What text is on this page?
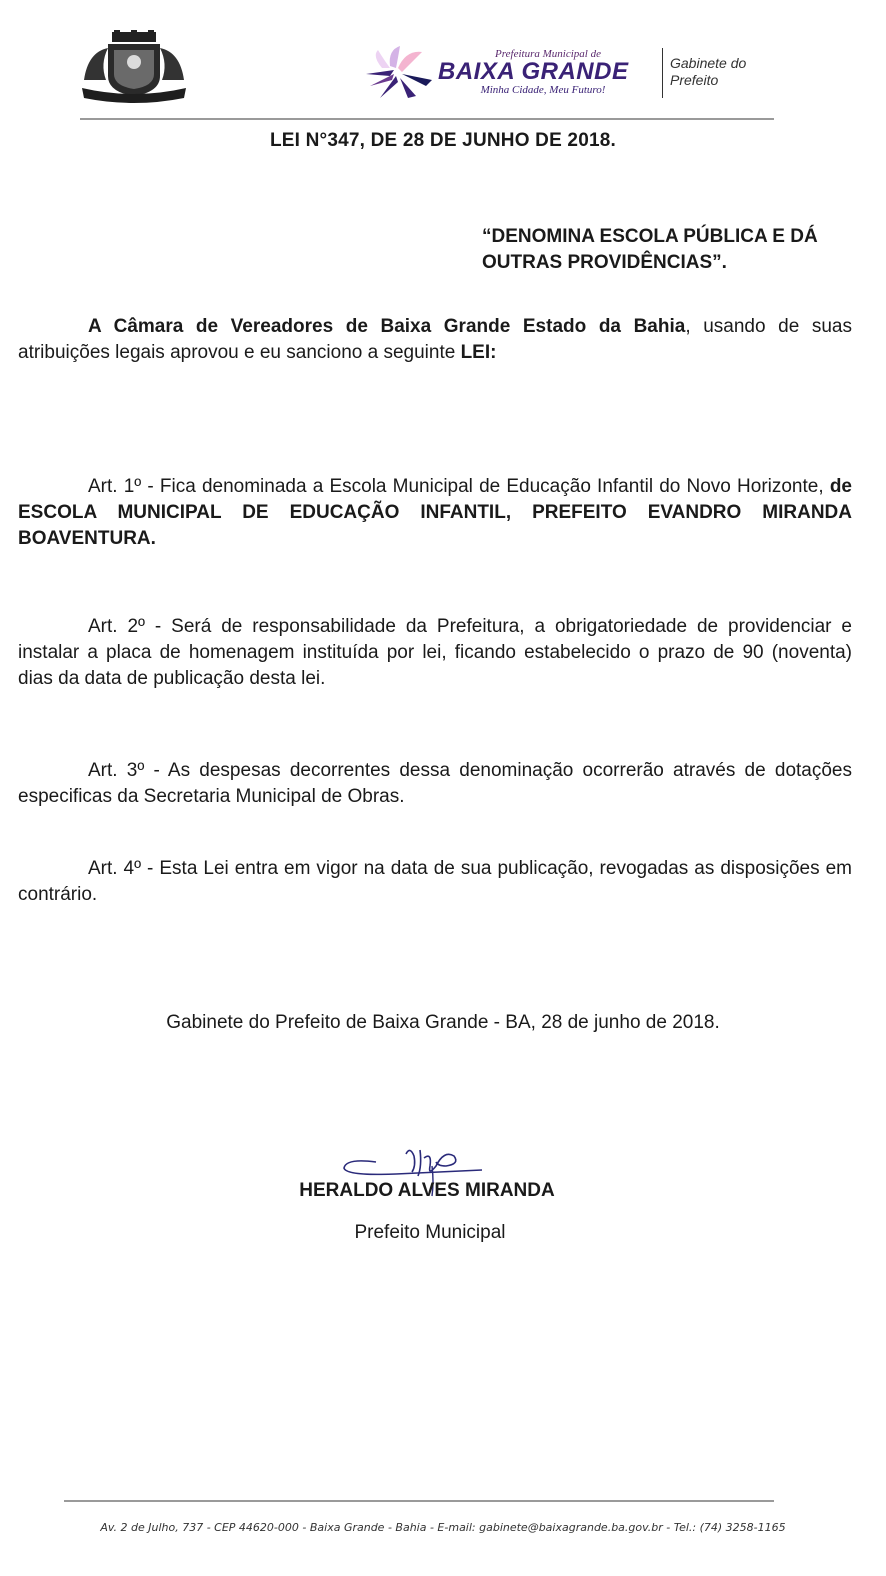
Prefeitura Municipal de
BAIXA GRANDE
Minha Cidade, Meu Futuro!
Gabinete do
Prefeito
LEI N°347, DE 28 DE JUNHO DE 2018.
“DENOMINA ESCOLA PÚBLICA E DÁ OUTRAS PROVIDÊNCIAS”.
A Câmara de Vereadores de Baixa Grande Estado da Bahia, usando de suas atribuições legais aprovou e eu sanciono a seguinte LEI:
Art. 1º - Fica denominada a Escola Municipal de Educação Infantil do Novo Horizonte, de ESCOLA MUNICIPAL DE EDUCAÇÃO INFANTIL, PREFEITO EVANDRO MIRANDA BOAVENTURA.
Art. 2º - Será de responsabilidade da Prefeitura, a obrigatoriedade de providenciar e instalar a placa de homenagem instituída por lei, ficando estabelecido o prazo de 90 (noventa) dias da data de publicação desta lei.
Art. 3º - As despesas decorrentes dessa denominação ocorrerão através de dotações especificas da Secretaria Municipal de Obras.
Art. 4º - Esta Lei entra em vigor na data de sua publicação, revogadas as disposições em contrário.
Gabinete do Prefeito de Baixa Grande - BA, 28 de junho de 2018.
HERALDO ALVES MIRANDA
Prefeito Municipal
Av. 2 de Julho, 737 - CEP 44620-000 - Baixa Grande - Bahia - E-mail: gabinete@baixagrande.ba.gov.br - Tel.: (74) 3258-1165
